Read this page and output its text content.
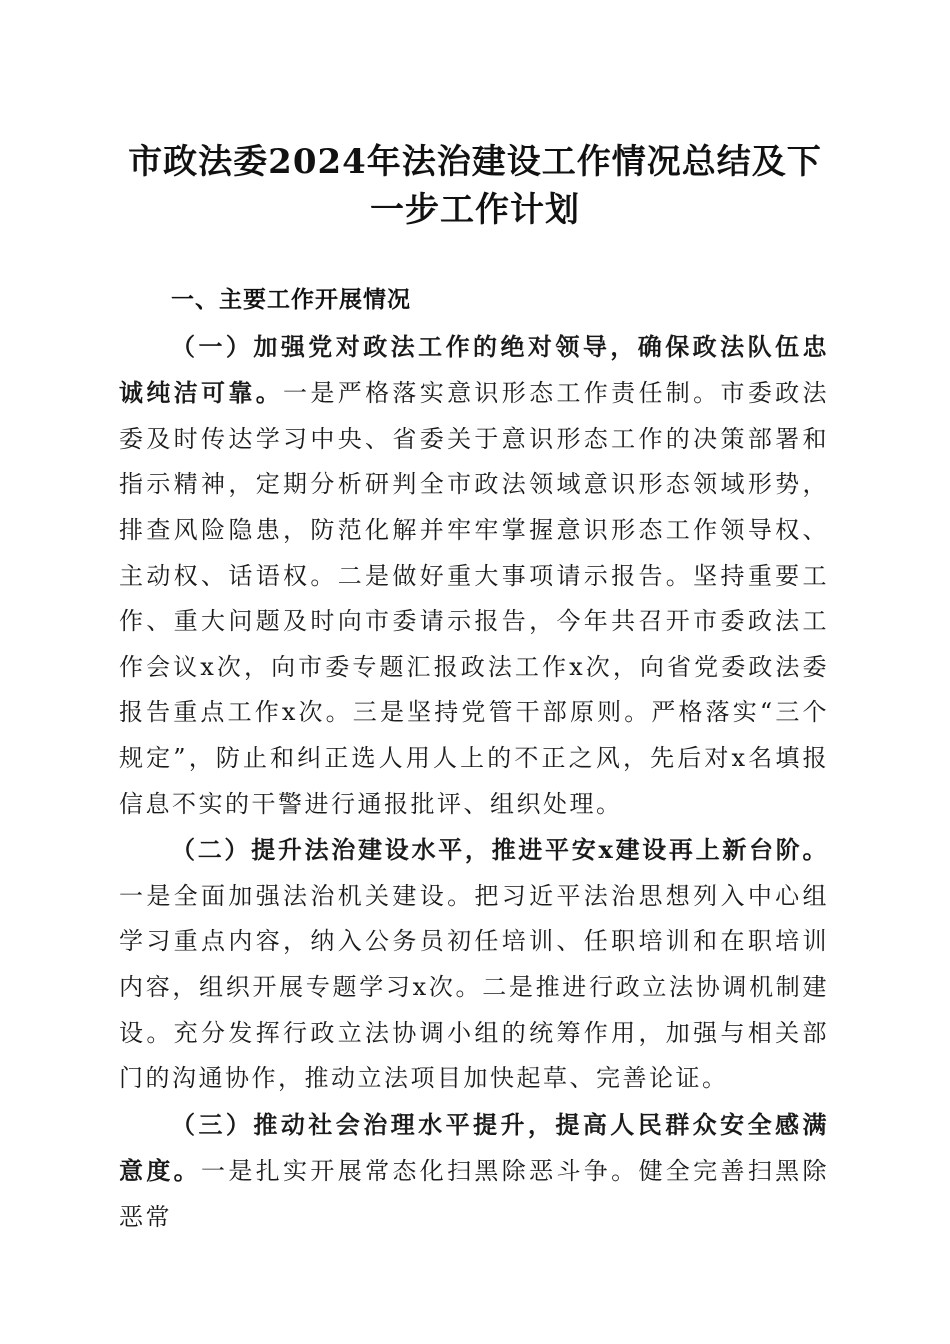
市政法委2024年法治建设工作情况总结及下
一步工作计划
一、主要工作开展情况

（一）加强党对政法工作的绝对领导，确保政法队伍忠诚纯洁可靠。一是严格落实意识形态工作责任制。市委政法委及时传达学习中央、省委关于意识形态工作的决策部署和指示精神，定期分析研判全市政法领域意识形态领域形势，排查风险隐患，防范化解并牢牢掌握意识形态工作领导权、主动权、话语权。二是做好重大事项请示报告。坚持重要工作、重大问题及时向市委请示报告，今年共召开市委政法工作会议x次，向市委专题汇报政法工作x次，向省党委政法委报告重点工作x次。三是坚持党管干部原则。严格落实“三个规定”，防止和纠正选人用人上的不正之风，先后对x名填报信息不实的干警进行通报批评、组织处理。

（二）提升法治建设水平，推进平安x建设再上新台阶。一是全面加强法治机关建设。把习近平法治思想列入中心组学习重点内容，纳入公务员初任培训、任职培训和在职培训内容，组织开展专题学习x次。二是推进行政立法协调机制建设。充分发挥行政立法协调小组的统筹作用，加强与相关部门的沟通协作，推动立法项目加快起草、完善论证。

（三）推动社会治理水平提升，提高人民群众安全感满意度。一是扎实开展常态化扫黑除恶斗争。健全完善扫黑除恶常
